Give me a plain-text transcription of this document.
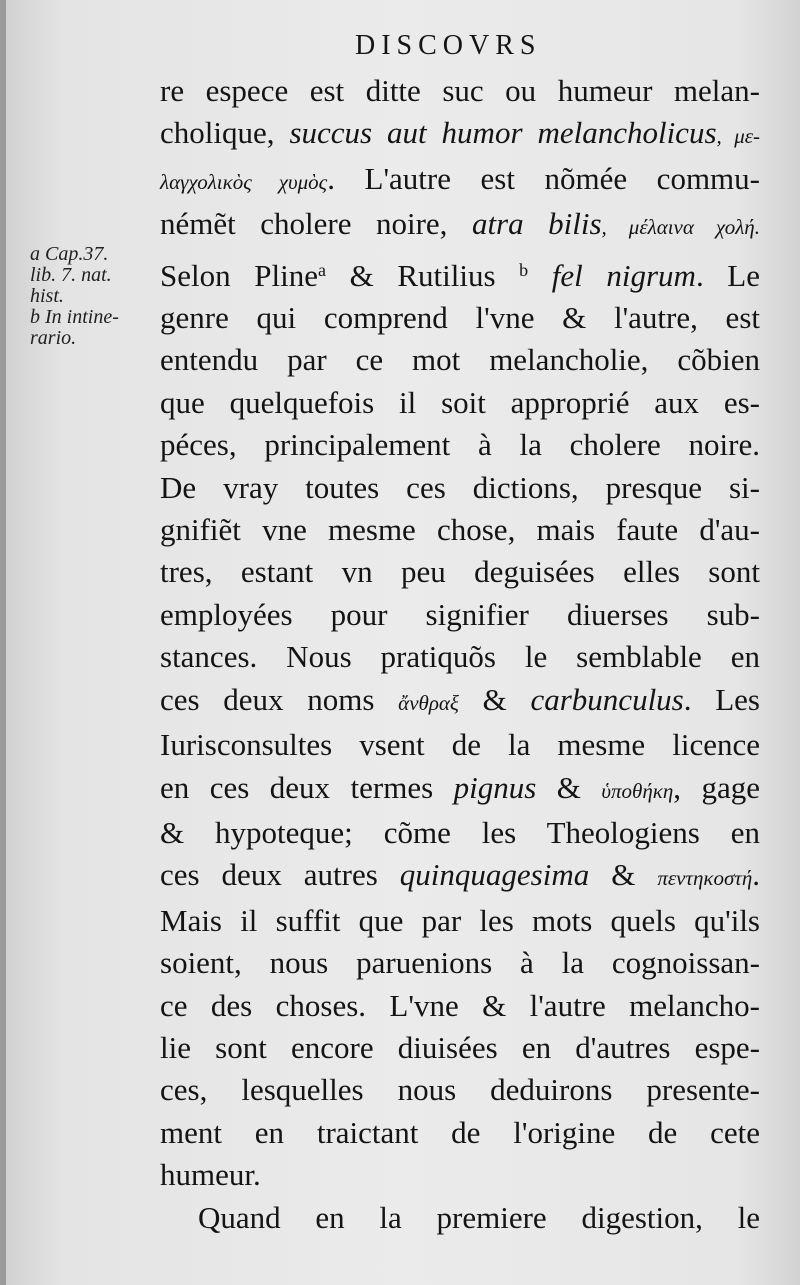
DISCOVRS
a Cap.37.
lib. 7. nat.
hist.
b In intine-
rario.
re espece est ditte suc ou humeur melan-
cholique, succus aut humor melancholicus, με-
λαγχολικὸς χυμὸς. L'autre est nõmée commu-
némẽt cholere noire, atra bilis, μέλαινα χολή.
Selon Pline$^a$ & Rutilius $^b$ fel nigrum. Le
genre qui comprend l'vne & l'autre, est
entendu par ce mot melancholie, cõbien
que quelquefois il soit approprié aux es-
péces, principalement à la cholere noire.
De vray toutes ces dictions, presque si-
gnifiẽt vne mesme chose, mais faute d'au-
tres, estant vn peu deguisées elles sont
employées pour signifier diuerses sub-
stances. Nous pratiquõs le semblable en
ces deux noms ἄνθραξ & carbunculus. Les
Iurisconsultes vsent de la mesme licence
en ces deux termes pignus & ὑποθήκη, gage
& hypoteque; cõme les Theologiens en
ces deux autres quinquagesima & πεντηκοστή.
Mais il suffit que par les mots quels qu'ils
soient, nous paruenions à la cognoissan-
ce des choses. L'vne & l'autre melancho-
lie sont encore diuisées en d'autres espe-
ces, lesquelles nous deduirons presente-
ment en traictant de l'origine de cete
humeur.
Quand en la premiere digestion, le
